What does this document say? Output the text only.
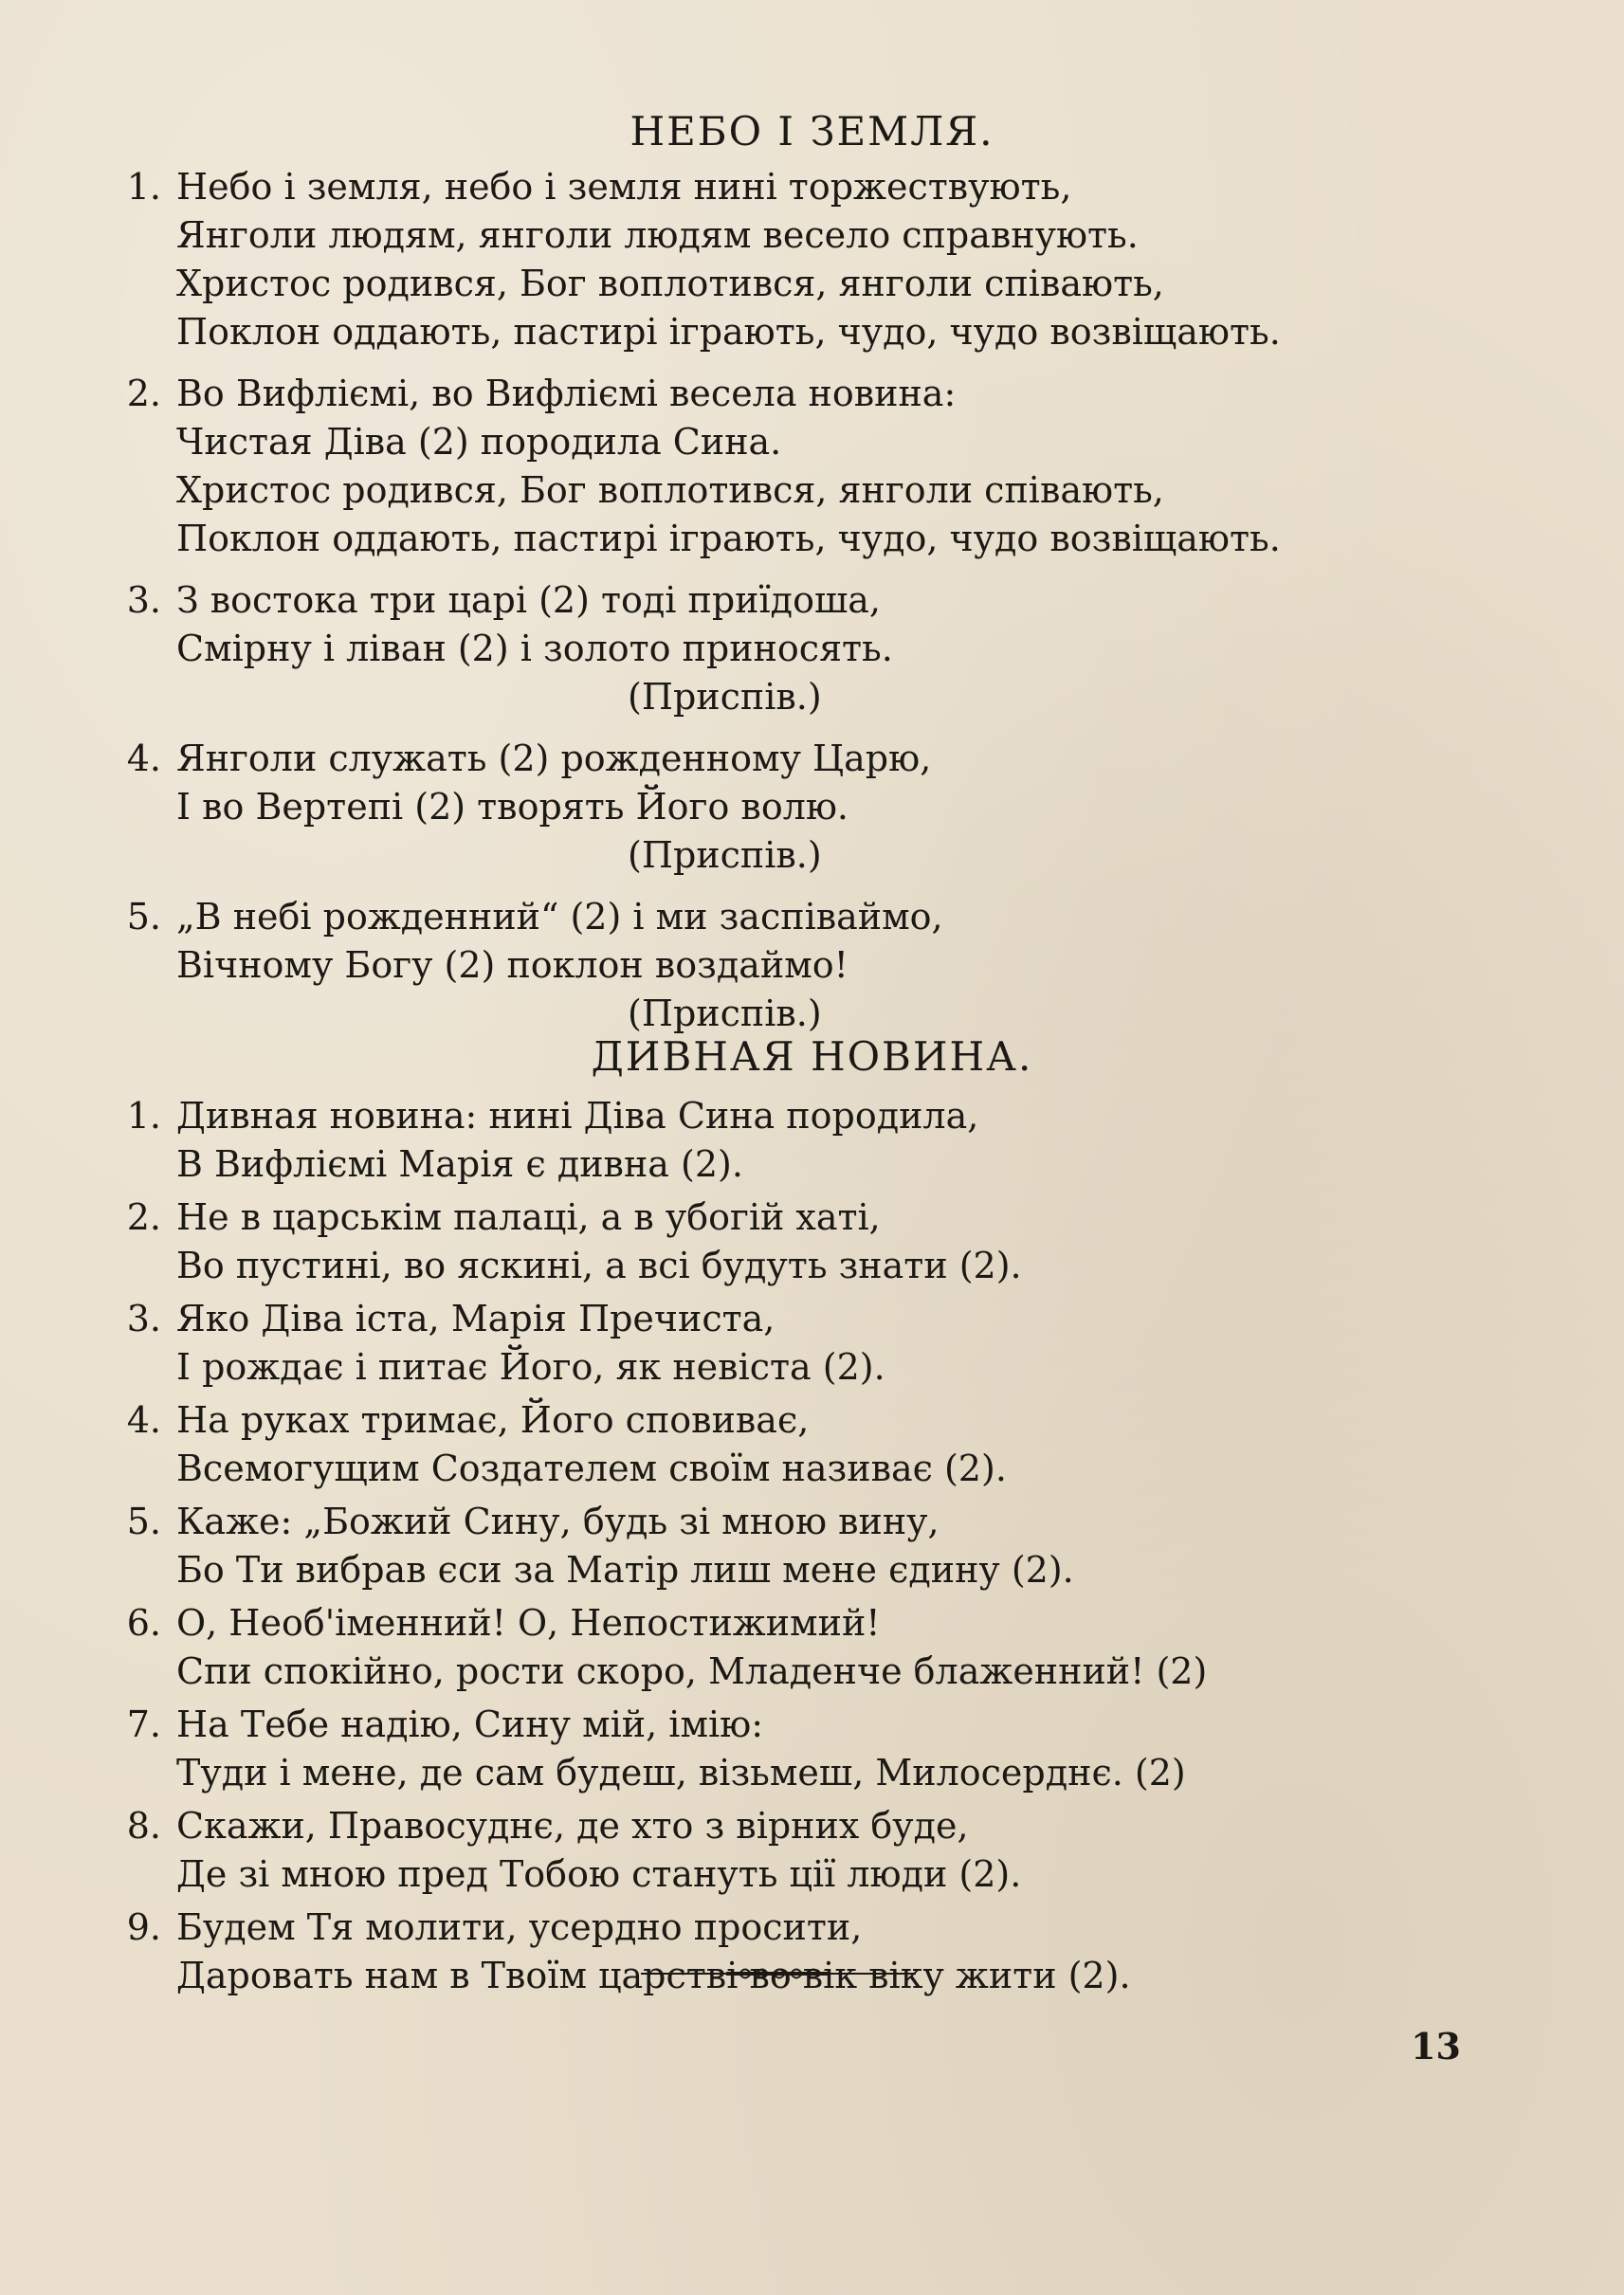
НЕБО І ЗЕМЛЯ.
1. Небо і земля, небо і земля нині торжествують,
Янголи людям, янголи людям весело справнують.
Христос родився, Бог воплотився, янголи співають,
Поклон оддають, пастирі іграють, чудо, чудо возвіщають.
2. Во Вифліємі, во Вифліємі весела новина:
Чистая Діва (2) породила Сина.
Христос родився, Бог воплотився, янголи співають,
Поклон оддають, пастирі іграють, чудо, чудо возвіщають.
3. З востока три царі (2) тоді приїдоша,
Смірну і ліван (2) і золото приносять.
(Приспів.)
4. Янголи служать (2) рожденному Царю,
І во Вертепі (2) творять Його волю.
(Приспів.)
5. „В небі рожденний“ (2) і ми заспіваймо,
Вічному Богу (2) поклон воздаймо!
(Приспів.)
ДИВНАЯ НОВИНА.
1. Дивная новина: нині Діва Сина породила,
В Вифліємі Марія є дивна (2).
2. Не в царськім палаці, а в убогій хаті,
Во пустині, во яскині, а всі будуть знати (2).
3. Яко Діва іста, Марія Пречиста,
І рождає і питає Його, як невіста (2).
4. На руках тримає, Його сповиває,
Всемогущим Создателем своїм називає (2).
5. Каже: „Божий Сину, будь зі мною вину,
Бо Ти вибрав єси за Матір лиш мене єдину (2).
6. О, Необ'іменний! О, Непостижимий!
Спи спокійно, рости скоро, Младенче блаженний! (2)
7. На Тебе надію, Сину мій, імію:
Туди і мене, де сам будеш, візьмеш, Милосерднє. (2)
8. Скажи, Правосуднє, де хто з вірних буде,
Де зі мною пред Тобою стануть ції люди (2).
9. Будем Тя молити, усердно просити,
Даровать нам в Твоїм царстві во вік віку жити (2).
13
